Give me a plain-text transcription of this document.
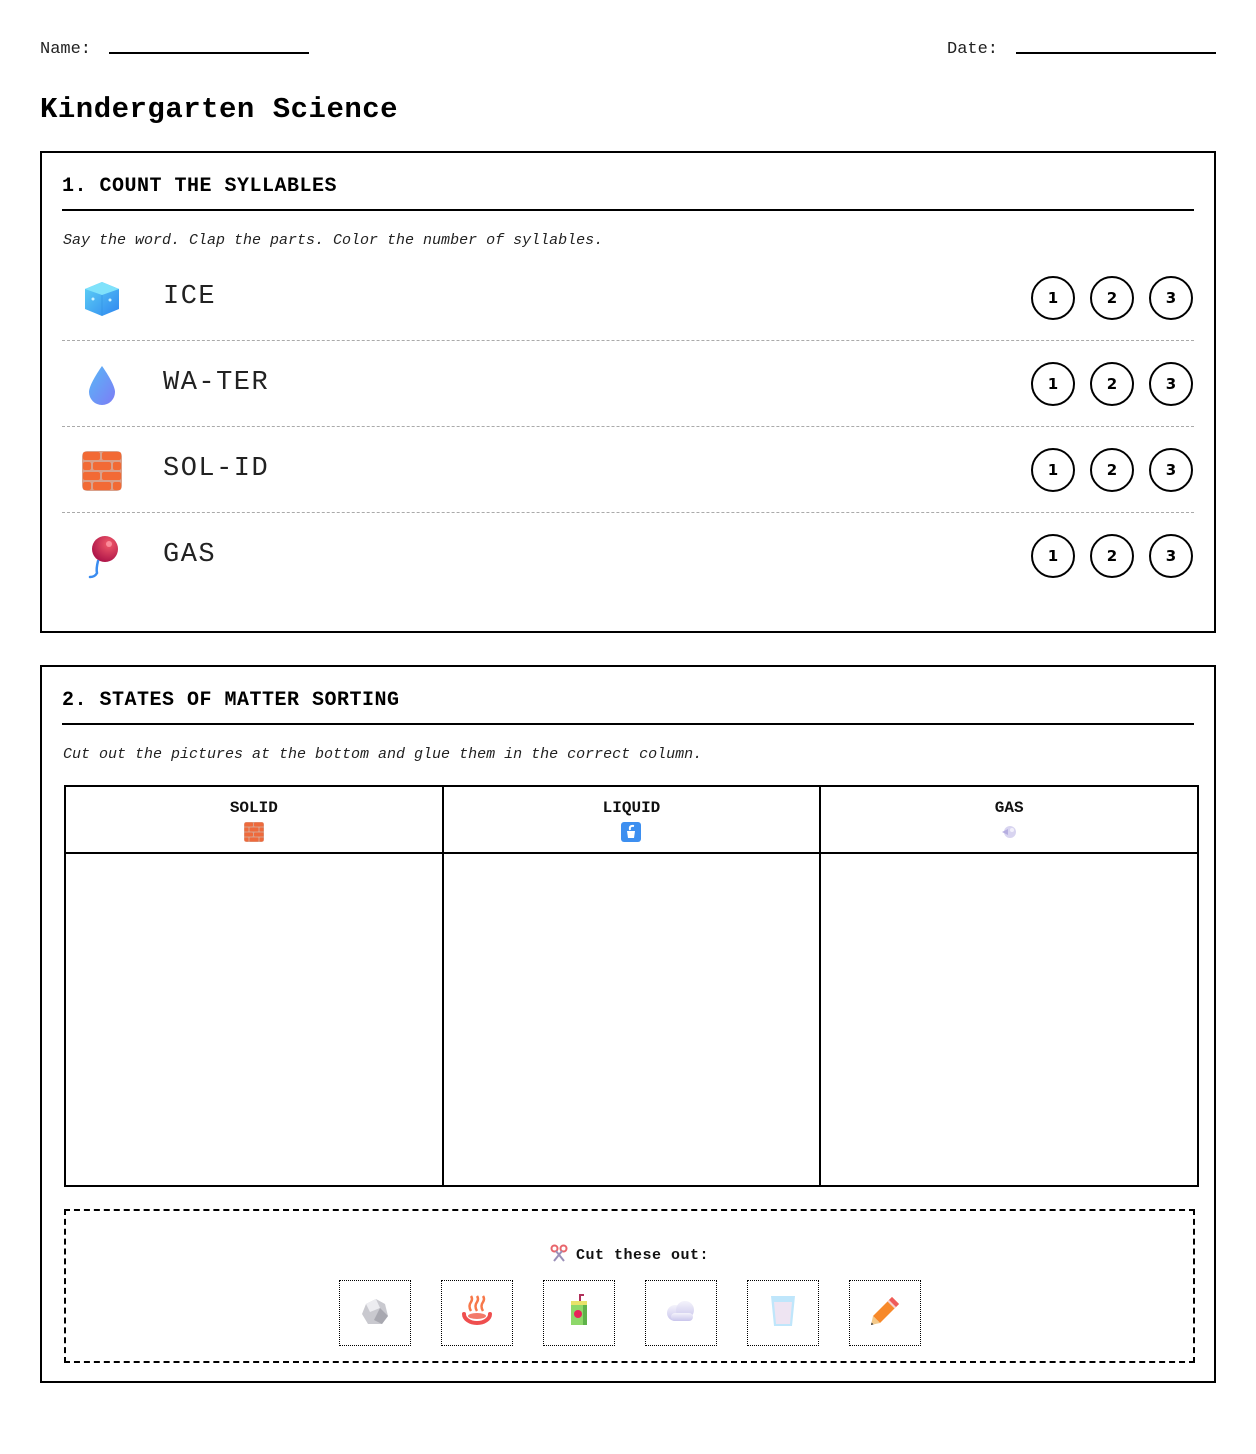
Name:	Date:
Kindergarten Science
1. COUNT THE SYLLABLES
Say the word. Clap the parts. Color the number of syllables.
ICE	1	2	3
WA-TER	1	2	3
SOL-ID	1	2	3
GAS	1	2	3
2. STATES OF MATTER SORTING
Cut out the pictures at the bottom and glue them in the correct column.
SOLID	LIQUID	GAS

Cut these out:
